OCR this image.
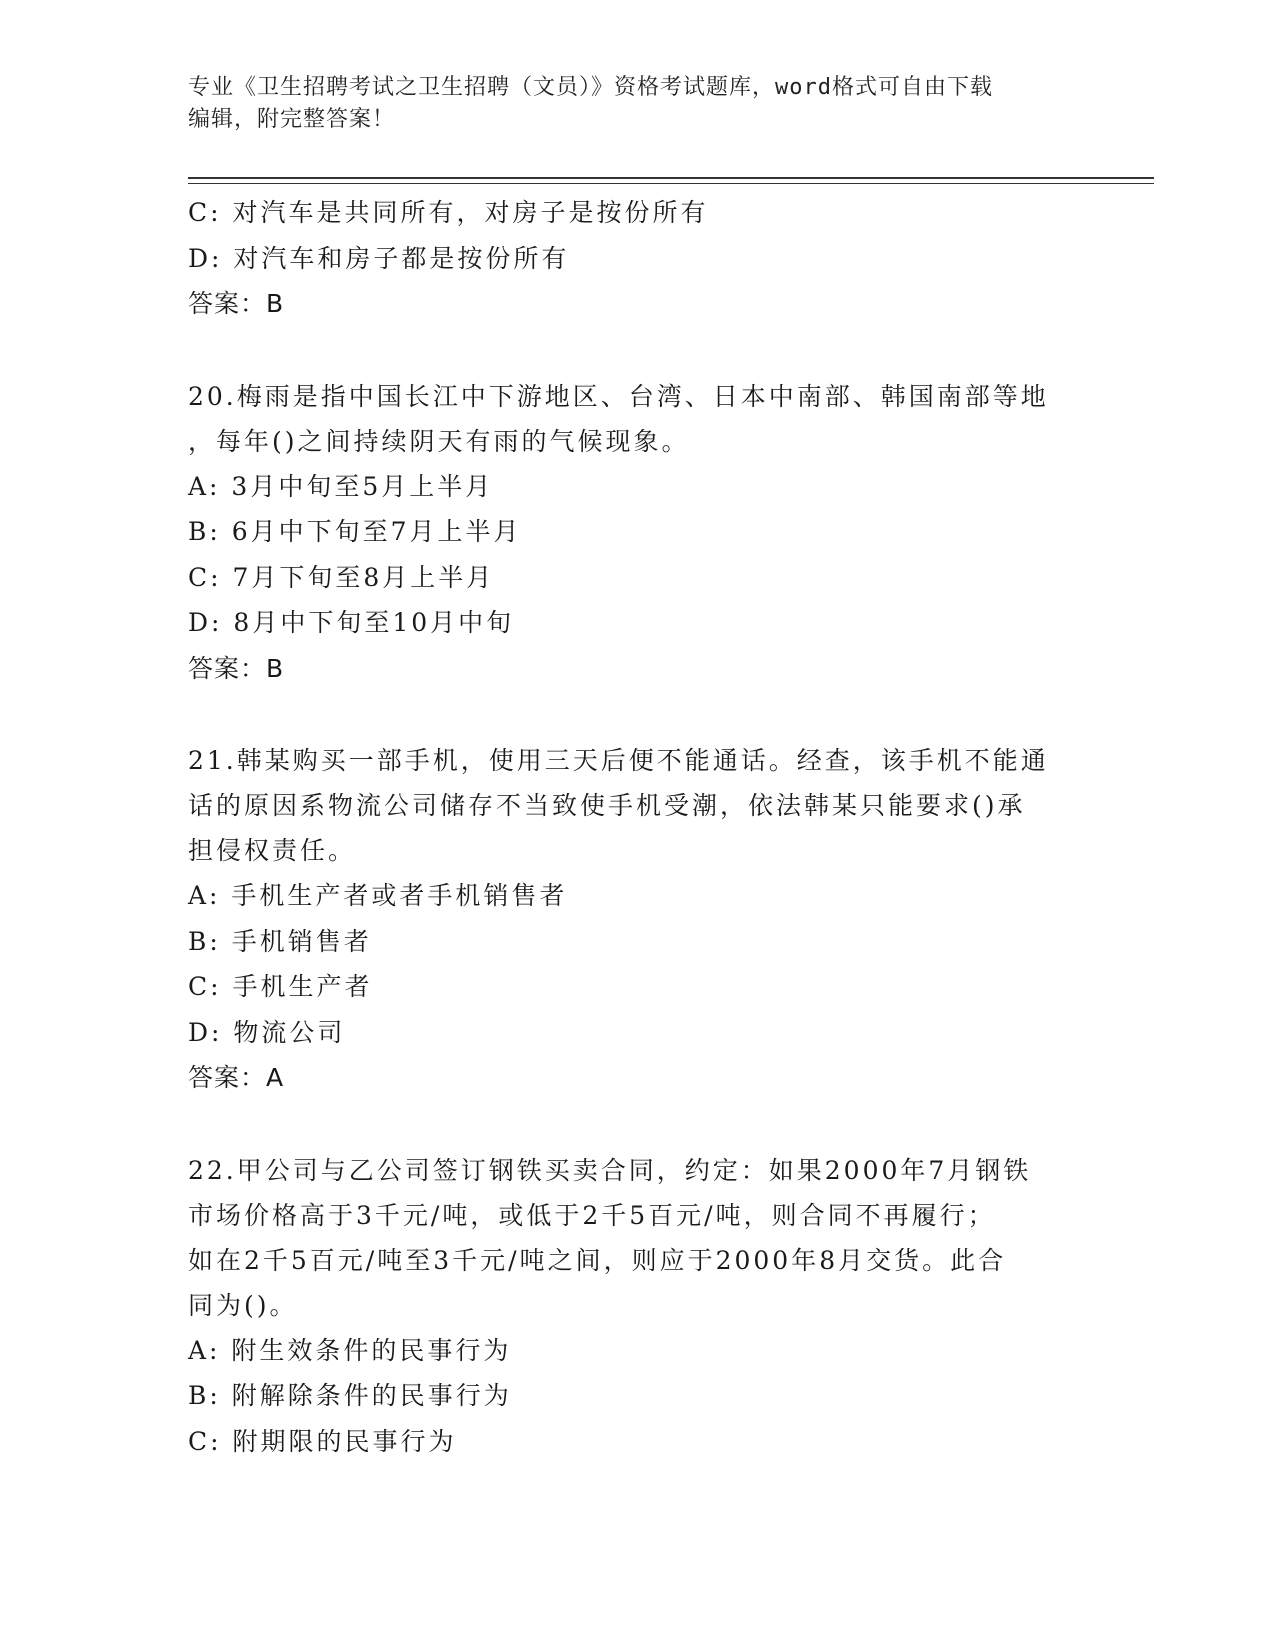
专业《卫生招聘考试之卫生招聘（文员）》资格考试题库，word格式可自由下载
编辑，附完整答案！
C: 对汽车是共同所有，对房子是按份所有
D: 对汽车和房子都是按份所有
答案：B
20.梅雨是指中国长江中下游地区、台湾、日本中南部、韩国南部等地
，每年()之间持续阴天有雨的气候现象。
A: 3月中旬至5月上半月
B: 6月中下旬至7月上半月
C: 7月下旬至8月上半月
D: 8月中下旬至10月中旬
答案：B
21.韩某购买一部手机，使用三天后便不能通话。经查，该手机不能通
话的原因系物流公司储存不当致使手机受潮，依法韩某只能要求()承
担侵权责任。
A: 手机生产者或者手机销售者
B: 手机销售者
C: 手机生产者
D: 物流公司
答案：A
22.甲公司与乙公司签订钢铁买卖合同，约定：如果2000年7月钢铁
市场价格高于3千元/吨，或低于2千5百元/吨，则合同不再履行；
如在2千5百元/吨至3千元/吨之间，则应于2000年8月交货。此合
同为()。
A: 附生效条件的民事行为
B: 附解除条件的民事行为
C: 附期限的民事行为
